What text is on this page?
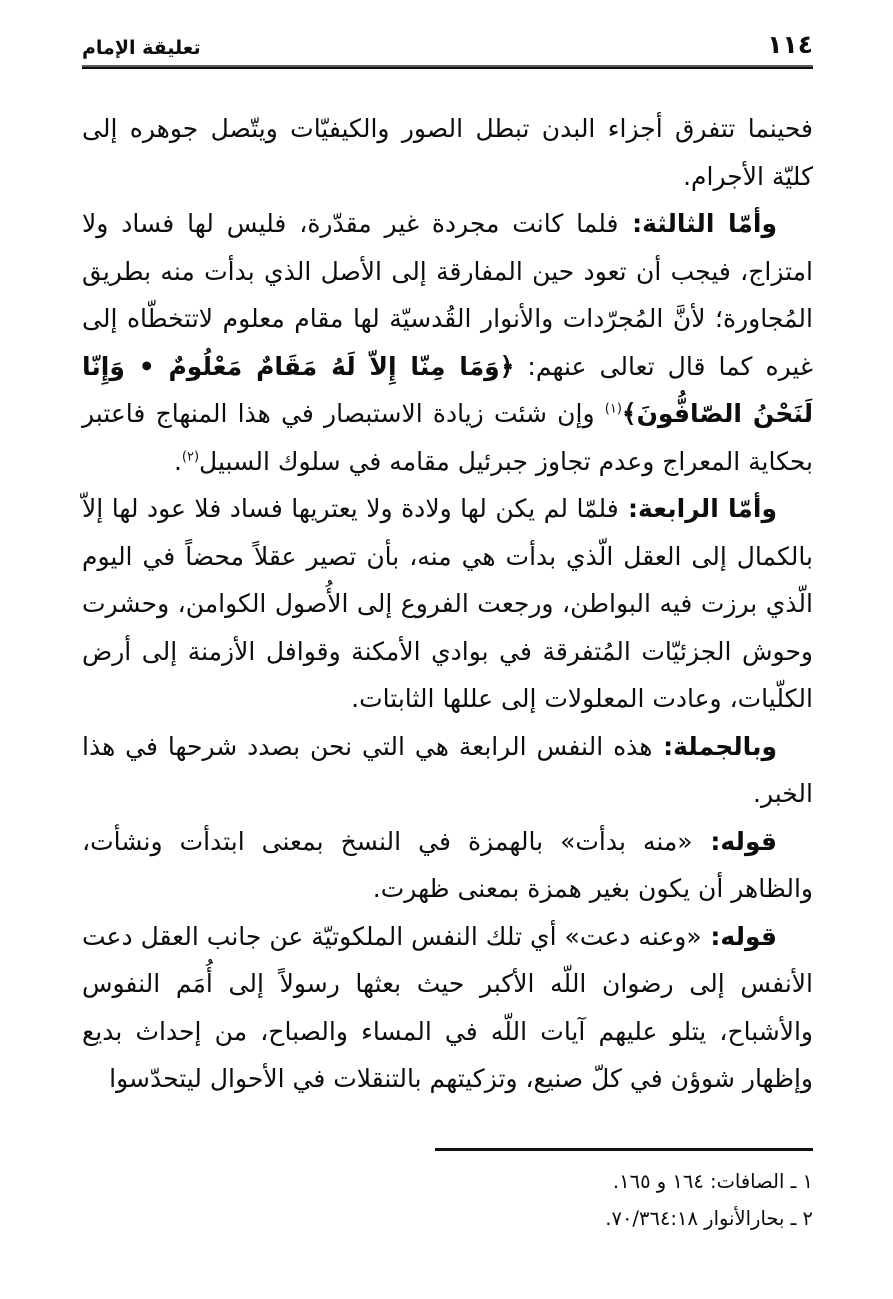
١١٤
تعليقة الإمام

فحينما تتفرق أجزاء البدن تبطل الصور والكيفيّات ويتّصل جوهره إلى كليّة الأجرام.

وأمّا الثالثة: فلما كانت مجردة غير مقدّرة، فليس لها فساد ولا امتزاج، فيجب أن تعود حين المفارقة إلى الأصل الذي بدأت منه بطريق المُجاورة؛ لأنَّ المُجرّدات والأنوار القُدسيّة لها مقام معلوم لاتتخطّاه إلى غيره كما قال تعالى عنهم: ﴿وَمَا مِنّا إِلاّ لَهُ مَقَامٌ مَعْلُومٌ • وَإِنّا لَنَحْنُ الصّافُّونَ﴾$^{(١)}$ وإن شئت زيادة الاستبصار في هذا المنهاج فاعتبر بحكاية المعراج وعدم تجاوز جبرئيل مقامه في سلوك السبيل$^{(٢)}$.

وأمّا الرابعة: فلمّا لم يكن لها ولادة ولا يعتريها فساد فلا عود لها إلاّ بالكمال إلى العقل الّذي بدأت هي منه، بأن تصير عقلاً محضاً في اليوم الّذي برزت فيه البواطن، ورجعت الفروع إلى الأُصول الكوامن، وحشرت وحوش الجزئيّات المُتفرقة في بوادي الأمكنة وقوافل الأزمنة إلى أرض الكلّيات، وعادت المعلولات إلى عللها الثابتات.

وبالجملة: هذه النفس الرابعة هي التي نحن بصدد شرحها في هذا الخبر.

قوله: «منه بدأت» بالهمزة في النسخ بمعنى ابتدأت ونشأت، والظاهر أن يكون بغير همزة بمعنى ظهرت.

قوله: «وعنه دعت» أي تلك النفس الملكوتيّة عن جانب العقل دعت الأنفس إلى رضوان اللّه الأكبر حيث بعثها رسولاً إلى أُمَم النفوس والأشباح، يتلو عليهم آيات اللّه في المساء والصباح، من إحداث بديع وإظهار شوؤن في كلّ صنيع، وتزكيتهم بالتنقلات في الأحوال ليتحدّسوا

١ ـ الصافات: ١٦٤ و ١٦٥.
٢ ـ بحارالأنوار ٧٠/٣٦٤:١٨.
